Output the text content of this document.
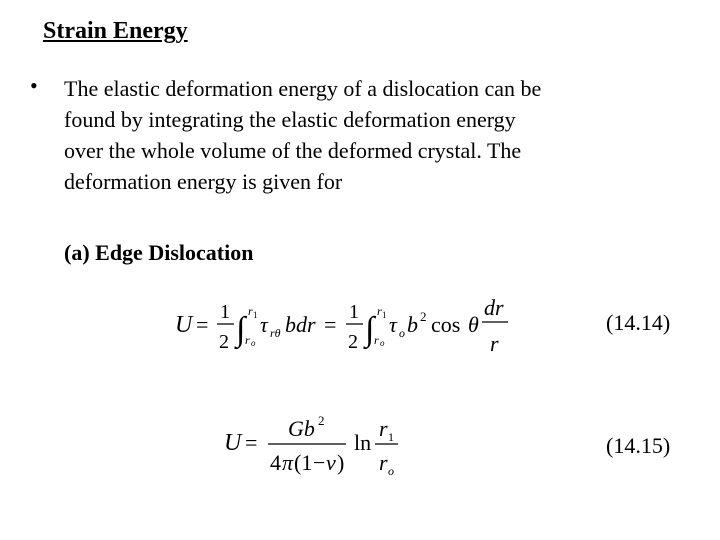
Strain Energy
• The elastic deformation energy of a dislocation can be
found by integrating the elastic deformation energy
over the whole volume of the deformed crystal. The
deformation energy is given for
(a) Edge Dislocation
U = 1
2 ∫ r 1
r o
τ rθ bdr = 1
2 ∫ r 1
r o
τ o b 2 cos θ
dr
r
(14.14)
U =
Gb 2
4 π (1 − ν )
ln
r 1
r o
(14.15)
